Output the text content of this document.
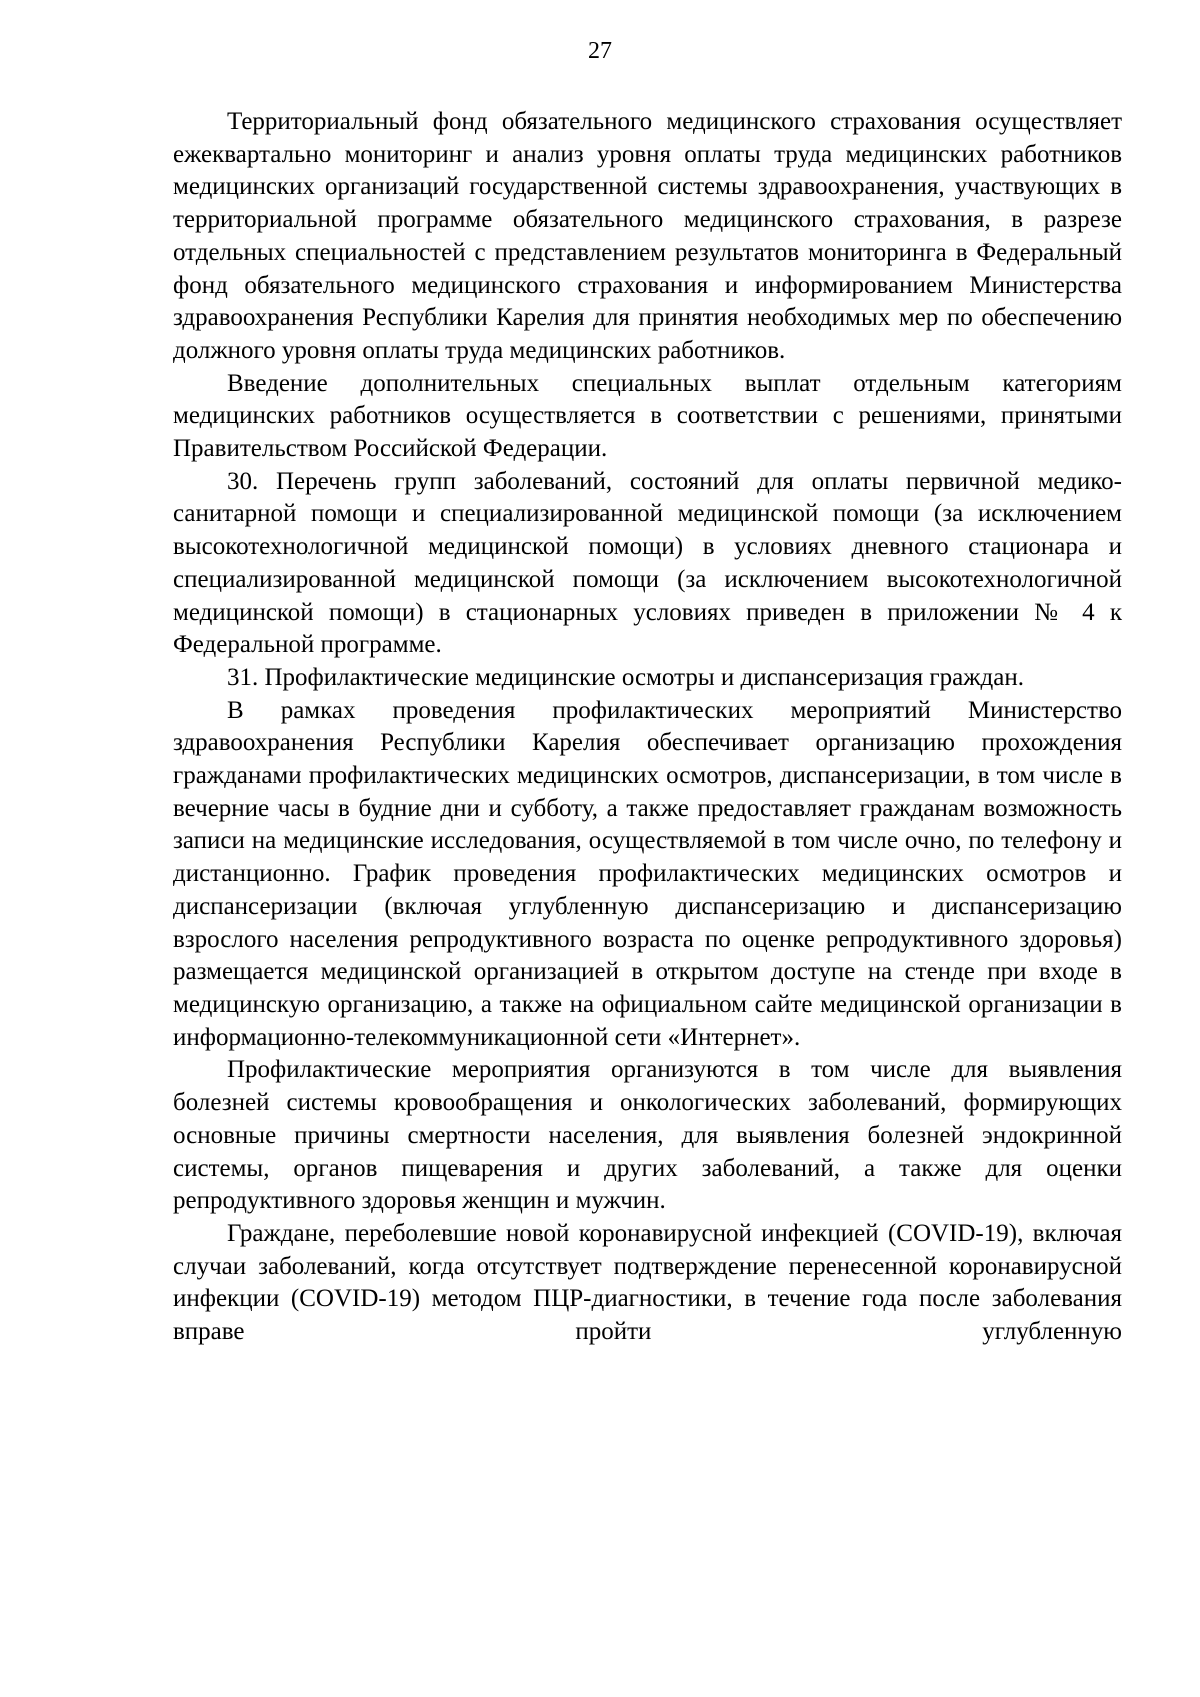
27

Территориальный фонд обязательного медицинского страхования осуществляет ежеквартально мониторинг и анализ уровня оплаты труда медицинских работников медицинских организаций государственной системы здравоохранения, участвующих в территориальной программе обязательного медицинского страхования, в разрезе отдельных специальностей с представлением результатов мониторинга в Федеральный фонд обязательного медицинского страхования и информированием Министерства здравоохранения Республики Карелия для принятия необходимых мер по обеспечению должного уровня оплаты труда медицинских работников.

Введение дополнительных специальных выплат отдельным категориям медицинских работников осуществляется в соответствии с решениями, принятыми Правительством Российской Федерации.

30. Перечень групп заболеваний, состояний для оплаты первичной медико-санитарной помощи и специализированной медицинской помощи (за исключением высокотехнологичной медицинской помощи) в условиях дневного стационара и специализированной медицинской помощи (за исключением высокотехнологичной медицинской помощи) в стационарных условиях приведен в приложении № 4 к Федеральной программе.

31. Профилактические медицинские осмотры и диспансеризация граждан.

В рамках проведения профилактических мероприятий Министерство здравоохранения Республики Карелия обеспечивает организацию прохождения гражданами профилактических медицинских осмотров, диспансеризации, в том числе в вечерние часы в будние дни и субботу, а также предоставляет гражданам возможность записи на медицинские исследования, осуществляемой в том числе очно, по телефону и дистанционно. График проведения профилактических медицинских осмотров и диспансеризации (включая углубленную диспансеризацию и диспансеризацию взрослого населения репродуктивного возраста по оценке репродуктивного здоровья) размещается медицинской организацией в открытом доступе на стенде при входе в медицинскую организацию, а также на официальном сайте медицинской организации в информационно-телекоммуникационной сети «Интернет».

Профилактические мероприятия организуются в том числе для выявления болезней системы кровообращения и онкологических заболеваний, формирующих основные причины смертности населения, для выявления болезней эндокринной системы, органов пищеварения и других заболеваний, а также для оценки репродуктивного здоровья женщин и мужчин.

Граждане, переболевшие новой коронавирусной инфекцией (COVID-19), включая случаи заболеваний, когда отсутствует подтверждение перенесенной коронавирусной инфекции (COVID-19) методом ПЦР-диагностики, в течение года после заболевания вправе пройти углубленную
